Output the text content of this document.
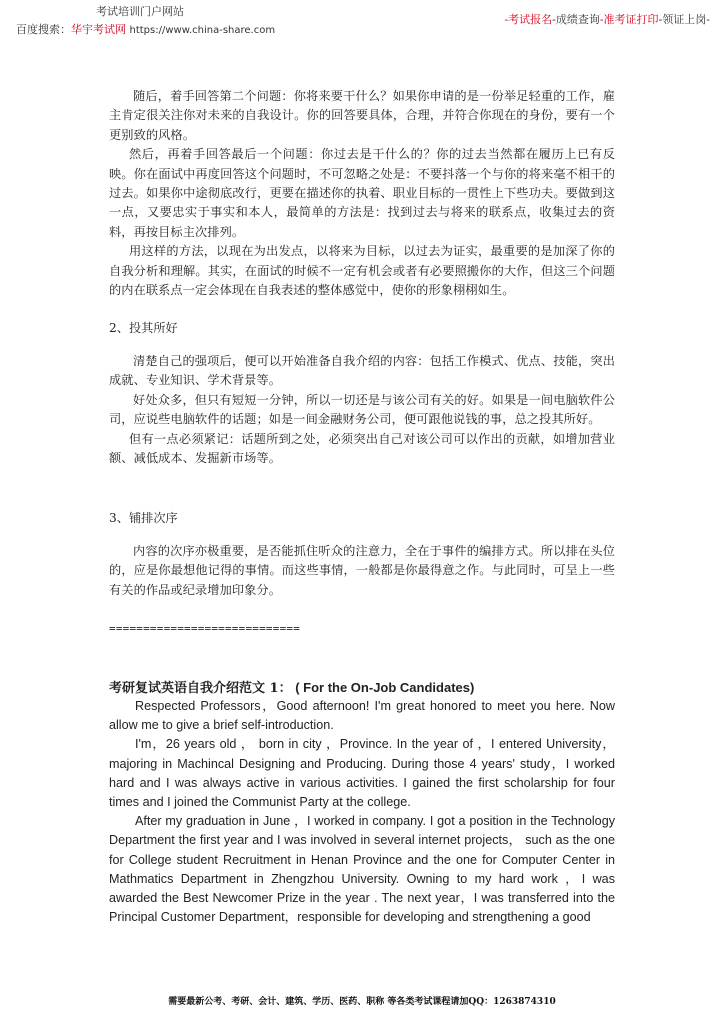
考试培训门户网站
百度搜索：华宇考试网 https://www.china-share.com
-考试报名-成绩查询-准考证打印-领证上岗-

随后，着手回答第二个问题：你将来要干什么？如果你申请的是一份举足轻重的工作，雇主肯定很关注你对未来的自我设计。你的回答要具体，合理，并符合你现在的身份，要有一个更别致的风格。

然后，再着手回答最后一个问题：你过去是干什么的？你的过去当然都在履历上已有反映。你在面试中再度回答这个问题时，不可忽略之处是：不要抖落一个与你的将来毫不相干的过去。如果你中途彻底改行，更要在描述你的执着、职业目标的一贯性上下些功夫。要做到这一点，又要忠实于事实和本人，最简单的方法是：找到过去与将来的联系点，收集过去的资料，再按目标主次排列。

用这样的方法，以现在为出发点，以将来为目标，以过去为证实，最重要的是加深了你的自我分析和理解。其实，在面试的时候不一定有机会或者有必要照搬你的大作，但这三个问题的内在联系点一定会体现在自我表述的整体感觉中，使你的形象栩栩如生。

2、投其所好

清楚自己的强项后，便可以开始准备自我介绍的内容：包括工作模式、优点、技能，突出成就、专业知识、学术背景等。

好处众多，但只有短短一分钟，所以一切还是与该公司有关的好。如果是一间电脑软件公司，应说些电脑软件的话题；如是一间金融财务公司，便可跟他说钱的事，总之投其所好。

但有一点必须紧记：话题所到之处，必须突出自己对该公司可以作出的贡献，如增加营业额、减低成本、发掘新市场等。

3、铺排次序

内容的次序亦极重要，是否能抓住听众的注意力，全在于事件的编排方式。所以排在头位的，应是你最想他记得的事情。而这些事情，一般都是你最得意之作。与此同时，可呈上一些有关的作品或纪录增加印象分。

============================

考研复试英语自我介绍范文 1： ( For the On-Job Candidates)

Respected Professors，Good afternoon! I'm great honored to meet you here. Now allow me to give a brief self-introduction.

I'm，26 years old ， born in city ，Province. In the year of ，I entered University，majoring in Machincal Designing and Producing. During those 4 years' study，I worked hard and I was always active in various activities. I gained the first scholarship for four times and I joined the Communist Party at the college.

After my graduation in June ，I worked in company. I got a position in the Technology Department the first year and I was involved in several internet projects， such as the one for College student Recruitment in Henan Province and the one for Computer Center in Mathmatics Department in Zhengzhou University. Owning to my hard work ，I was awarded the Best Newcomer Prize in the year . The next year，I was transferred into the Principal Customer Department，responsible for developing and strengthening a good

需要最新公考、考研、会计、建筑、学历、医药、职称 等各类考试课程请加QQ：1263874310
